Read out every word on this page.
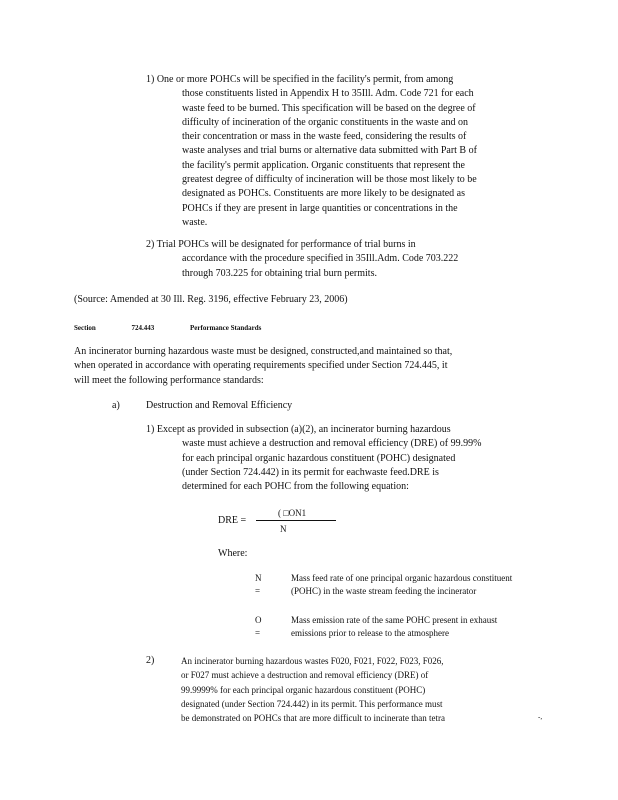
1) One or more POHCs will be specified in the facility's permit, from among
those constituents listed in Appendix H to 35Ill. Adm. Code 721 for each
waste feed to be burned. This specification will be based on the degree of
difficulty of incineration of the organic constituents in the waste and on
their concentration or mass in the waste feed, considering the results of
waste analyses and trial burns or alternative data submitted with Part B of
the facility's permit application. Organic constituents that represent the
greatest degree of difficulty of incineration will be those most likely to be
designated as POHCs. Constituents are more likely to be designated as
POHCs if they are present in large quantities or concentrations in the
waste.
2) Trial POHCs will be designated for performance of trial burns in
accordance with the procedure specified in 35Ill.Adm. Code 703.222
through 703.225 for obtaining trial burn permits.

(Source: Amended at 30 Ill. Reg. 3196, effective February 23, 2006)

Section	724.443	Performance Standards

An incinerator burning hazardous waste must be designed, constructed,and maintained so that,
when operated in accordance with operating requirements specified under Section 724.445, it
will meet the following performance standards:

a)	Destruction and Removal Efficiency

1) Except as provided in subsection (a)(2), an incinerator burning hazardous
waste must achieve a destruction and removal efficiency (DRE) of 99.99%
for each principal organic hazardous constituent (POHC) designated
(under Section 724.442) in its permit for eachwaste feed.DRE is
determined for each POHC from the following equation:
DRE =
( □ON1
N

Where:

N =
Mass feed rate of one principal organic hazardous constituent (POHC) in the waste stream feeding the incinerator
O =
Mass emission rate of the same POHC present in exhaust emissions prior to release to the atmosphere

2)	An incinerator burning hazardous wastes F020, F021, F022, F023, F026,
or F027 must achieve a destruction and removal efficiency (DRE) of
99.9999% for each principal organic hazardous constituent (POHC)
designated (under Section 724.442) in its permit. This performance must
be demonstrated on POHCs that are more difficult to incinerate than tetra	-,
